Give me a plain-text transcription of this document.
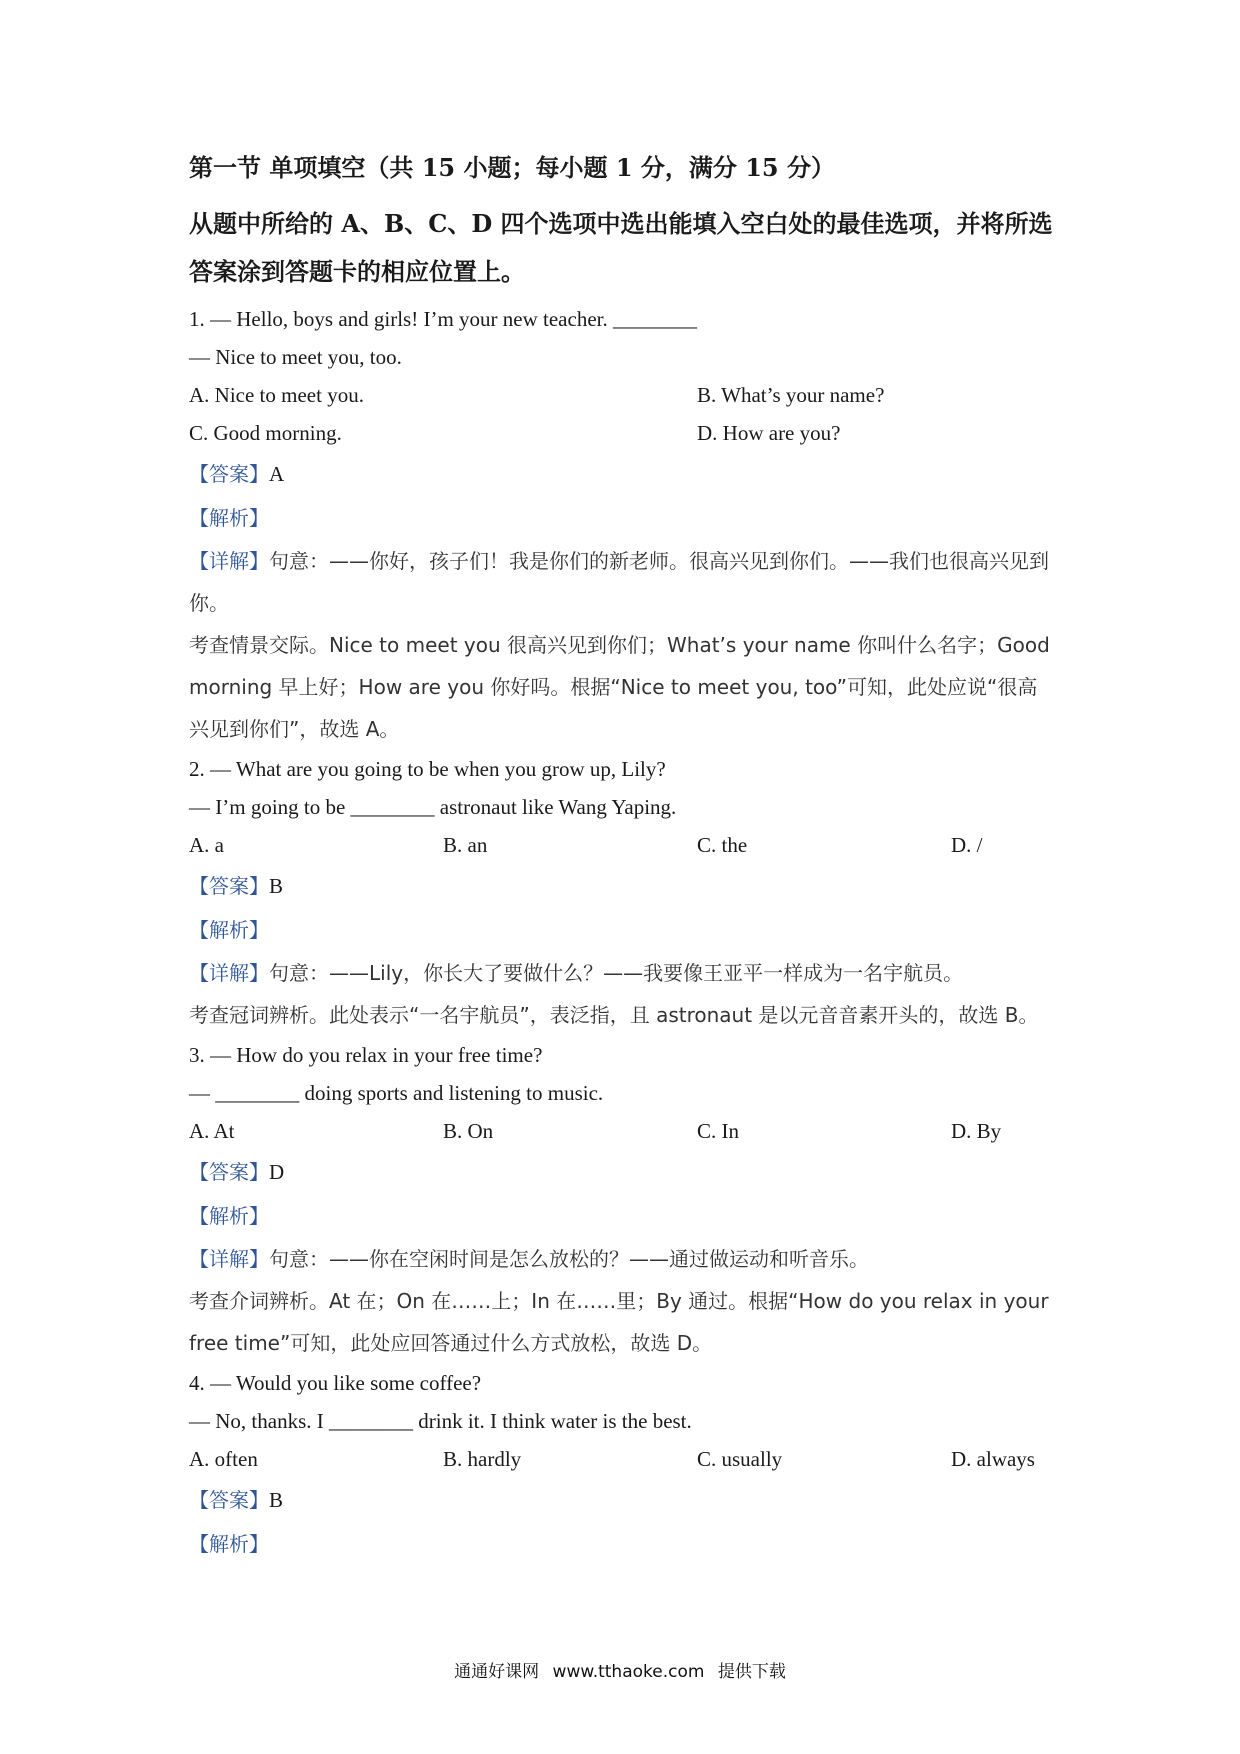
第一节 单项填空（共 15 小题；每小题 1 分，满分 15 分）
从题中所给的 A、B、C、D 四个选项中选出能填入空白处的最佳选项，并将所选答案涂到答题卡的相应位置上。

1. — Hello, boys and girls! I’m your new teacher. ________

— Nice to meet you, too.

A. Nice to meet you.	B. What’s your name?
C. Good morning.	D. How are you?

【答案】A

【解析】

【详解】句意：——你好，孩子们！我是你们的新老师。很高兴见到你们。——我们也很高兴见到你。

考查情景交际。Nice to meet you 很高兴见到你们；What’s your name 你叫什么名字；Good morning 早上好；How are you 你好吗。根据“Nice to meet you, too”可知，此处应说“很高兴见到你们”，故选 A。

2. — What are you going to be when you grow up, Lily?

— I’m going to be ________ astronaut like Wang Yaping.

A. a	B. an	C. the	D. /

【答案】B

【解析】

【详解】句意：——Lily，你长大了要做什么？——我要像王亚平一样成为一名宇航员。

考查冠词辨析。此处表示“一名宇航员”，表泛指，且 astronaut 是以元音音素开头的，故选 B。

3. — How do you relax in your free time?

— ________ doing sports and listening to music.

A. At	B. On	C. In	D. By

【答案】D

【解析】

【详解】句意：——你在空闲时间是怎么放松的？——通过做运动和听音乐。

考查介词辨析。At 在；On 在……上；In 在……里；By 通过。根据“How do you relax in your free time”可知，此处应回答通过什么方式放松，故选 D。

4. — Would you like some coffee?

— No, thanks. I ________ drink it. I think water is the best.

A. often	B. hardly	C. usually	D. always

【答案】B

【解析】

通通好课网 www.tthaoke.com 提供下载
